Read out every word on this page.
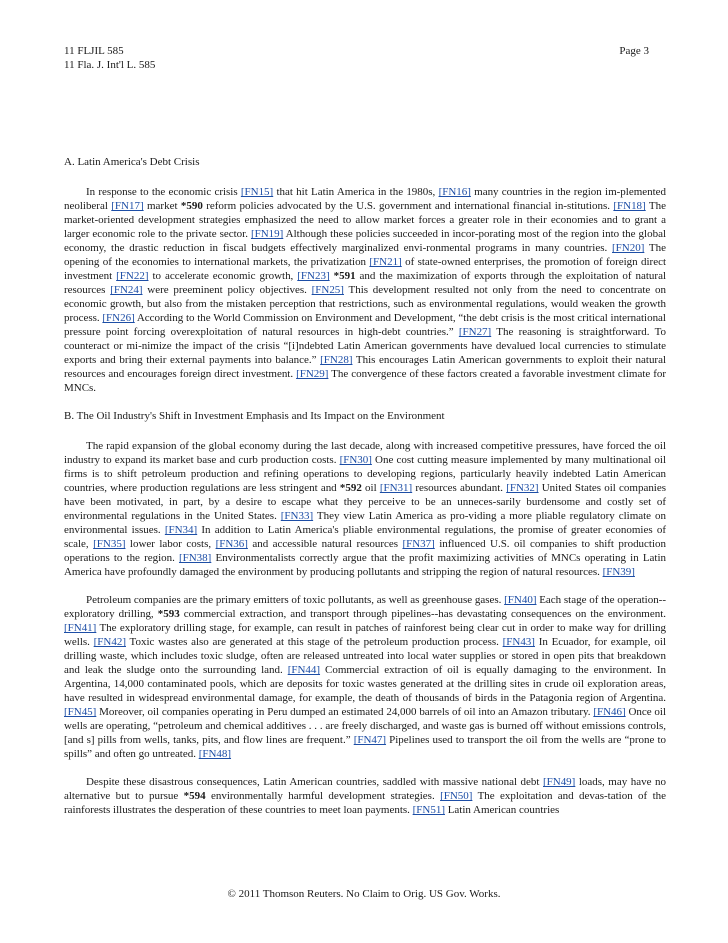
11 FLJIL 585	Page 3
11 Fla. J. Int'l L. 585
A. Latin America's Debt Crisis

In response to the economic crisis [FN15] that hit Latin America in the 1980s, [FN16] many countries in the region im-plemented neoliberal [FN17] market *590 reform policies advocated by the U.S. government and international financial in-stitutions. [FN18] The market-oriented development strategies emphasized the need to allow market forces a greater role in their economies and to grant a larger economic role to the private sector. [FN19] Although these policies succeeded in incor-porating most of the region into the global economy, the drastic reduction in fiscal budgets effectively marginalized envi-ronmental programs in many countries. [FN20] The opening of the economies to international markets, the privatization [FN21] of state-owned enterprises, the promotion of foreign direct investment [FN22] to accelerate economic growth, [FN23] *591 and the maximization of exports through the exploitation of natural resources [FN24] were preeminent policy objectives. [FN25] This development resulted not only from the need to concentrate on economic growth, but also from the mistaken perception that restrictions, such as environmental regulations, would weaken the growth process. [FN26] According to the World Commission on Environment and Development, “the debt crisis is the most critical international pressure point forcing overexploitation of natural resources in high-debt countries.” [FN27] The reasoning is straightforward. To counteract or mi-nimize the impact of the crisis “[i]ndebted Latin American governments have devalued local currencies to stimulate exports and bring their external payments into balance.” [FN28] This encourages Latin American governments to exploit their natural resources and encourages foreign direct investment. [FN29] The convergence of these factors created a favorable investment climate for MNCs.

B. The Oil Industry's Shift in Investment Emphasis and Its Impact on the Environment

The rapid expansion of the global economy during the last decade, along with increased competitive pressures, have forced the oil industry to expand its market base and curb production costs. [FN30] One cost cutting measure implemented by many multinational oil firms is to shift petroleum production and refining operations to developing regions, particularly heavily indebted Latin American countries, where production regulations are less stringent and *592 oil [FN31] resources abundant. [FN32] United States oil companies have been motivated, in part, by a desire to escape what they perceive to be an unneces-sarily burdensome and costly set of environmental regulations in the United States. [FN33] They view Latin America as pro-viding a more pliable regulatory climate on environmental issues. [FN34] In addition to Latin America's pliable environmental regulations, the promise of greater economies of scale, [FN35] lower labor costs, [FN36] and accessible natural resources [FN37] influenced U.S. oil companies to shift production operations to the region. [FN38] Environmentalists correctly argue that the profit maximizing activities of MNCs operating in Latin America have profoundly damaged the environment by producing pollutants and stripping the region of natural resources. [FN39]

Petroleum companies are the primary emitters of toxic pollutants, as well as greenhouse gases. [FN40] Each stage of the operation--exploratory drilling, *593 commercial extraction, and transport through pipelines--has devastating consequences on the environment. [FN41] The exploratory drilling stage, for example, can result in patches of rainforest being clear cut in order to make way for drilling wells. [FN42] Toxic wastes also are generated at this stage of the petroleum production process. [FN43] In Ecuador, for example, oil drilling waste, which includes toxic sludge, often are released untreated into local water supplies or stored in open pits that breakdown and leak the sludge onto the surrounding land. [FN44] Commercial extraction of oil is equally damaging to the environment. In Argentina, 14,000 contaminated pools, which are deposits for toxic wastes generated at the drilling sites in crude oil exploration areas, have resulted in widespread environmental damage, for example, the death of thousands of birds in the Patagonia region of Argentina. [FN45] Moreover, oil companies operating in Peru dumped an estimated 24,000 barrels of oil into an Amazon tributary. [FN46] Once oil wells are operating, “petroleum and chemical additives . . . are freely discharged, and waste gas is burned off without emissions controls, [and s] pills from wells, tanks, pits, and flow lines are frequent.” [FN47] Pipelines used to transport the oil from the wells are “prone to spills” and often go untreated. [FN48]

Despite these disastrous consequences, Latin American countries, saddled with massive national debt [FN49] loads, may have no alternative but to pursue *594 environmentally harmful development strategies. [FN50] The exploitation and devas-tation of the rainforests illustrates the desperation of these countries to meet loan payments. [FN51] Latin American countries

© 2011 Thomson Reuters. No Claim to Orig. US Gov. Works.
